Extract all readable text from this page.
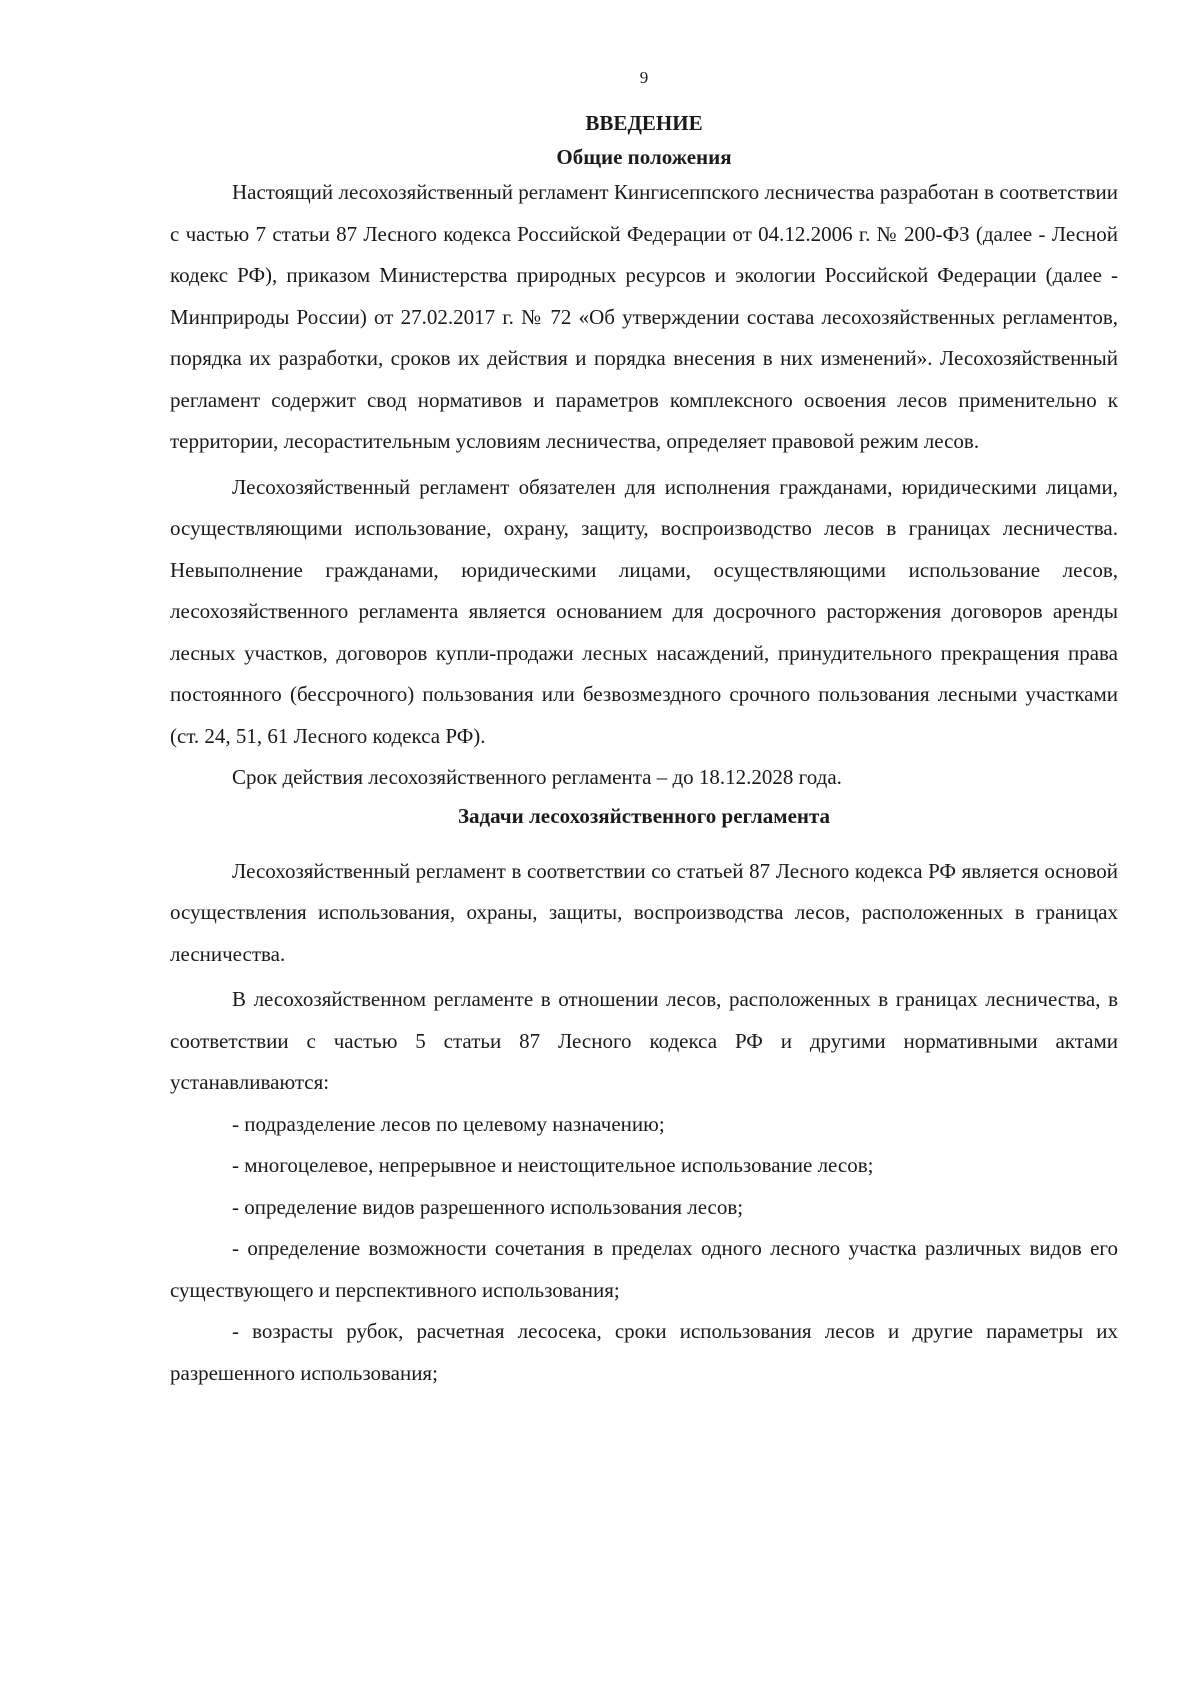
9
ВВЕДЕНИЕ
Общие положения

Настоящий лесохозяйственный регламент Кингисеппского лесничества разработан в соответствии с частью 7 статьи 87 Лесного кодекса Российской Федерации от 04.12.2006 г. № 200-ФЗ (далее - Лесной кодекс РФ), приказом Министерства природных ресурсов и экологии Российской Федерации (далее - Минприроды России) от 27.02.2017 г. № 72 «Об утверждении состава лесохозяйственных регламентов, порядка их разработки, сроков их действия и порядка внесения в них изменений». Лесохозяйственный регламент содержит свод нормативов и параметров комплексного освоения лесов применительно к территории, лесорастительным условиям лесничества, определяет правовой режим лесов.

Лесохозяйственный регламент обязателен для исполнения гражданами, юридическими лицами, осуществляющими использование, охрану, защиту, воспроизводство лесов в границах лесничества. Невыполнение гражданами, юридическими лицами, осуществляющими использование лесов, лесохозяйственного регламента является основанием для досрочного расторжения договоров аренды лесных участков, договоров купли-продажи лесных насаждений, принудительного прекращения права постоянного (бессрочного) пользования или безвозмездного срочного пользования лесными участками (ст. 24, 51, 61 Лесного кодекса РФ).

Срок действия лесохозяйственного регламента – до 18.12.2028 года.

Задачи лесохозяйственного регламента

Лесохозяйственный регламент в соответствии со статьей 87 Лесного кодекса РФ является основой осуществления использования, охраны, защиты, воспроизводства лесов, расположенных в границах лесничества.

В лесохозяйственном регламенте в отношении лесов, расположенных в границах лесничества, в соответствии с частью 5 статьи 87 Лесного кодекса РФ и другими нормативными актами устанавливаются:

- подразделение лесов по целевому назначению;

- многоцелевое, непрерывное и неистощительное использование лесов;

- определение видов разрешенного использования лесов;

- определение возможности сочетания в пределах одного лесного участка различных видов его существующего и перспективного использования;

- возрасты рубок, расчетная лесосека, сроки использования лесов и другие параметры их разрешенного использования;
